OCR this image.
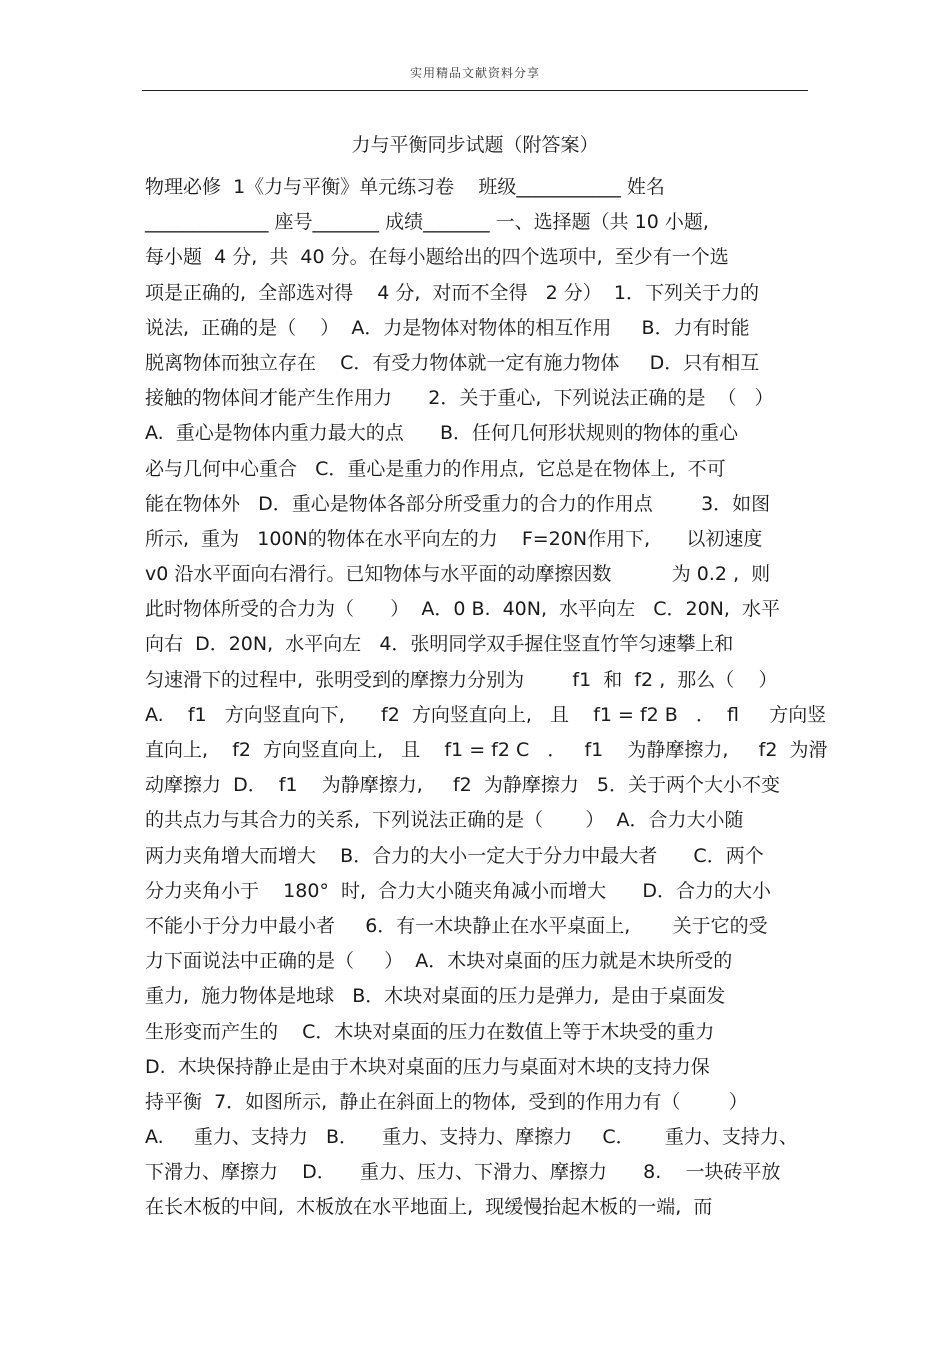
实用精品文献资料分享
力与平衡同步试题（附答案）
物理必修  1《力与平衡》单元练习卷    班级___________ 姓名
_____________ 座号_______ 成绩_______ 一、选择题（共 10 小题,
每小题  4 分,  共  40 分。在每小题给出的四个选项中,  至少有一个选
项是正确的,  全部选对得    4 分,  对而不全得   2 分）  1．下列关于力的
说法,  正确的是（    ）  A．力是物体对物体的相互作用     B．力有时能
脱离物体而独立存在    C．有受力物体就一定有施力物体     D．只有相互
接触的物体间才能产生作用力      2．关于重心,  下列说法正确的是  （   ）
A.  重心是物体内重力最大的点      B．任何几何形状规则的物体的重心
必与几何中心重合   C．重心是重力的作用点,  它总是在物体上,  不可
能在物体外   D．重心是物体各部分所受重力的合力的作用点        3．如图
所示,  重为   100N的物体在水平向左的力    F=20N作用下,      以初速度
v0 沿水平面向右滑行。已知物体与水平面的动摩擦因数          为 0.2 ,  则
此时物体所受的合力为（      ）  A．0 B.  40N,  水平向左   C．20N,  水平
向右  D．20N,  水平向左   4．张明同学双手握住竖直竹竿匀速攀上和
匀速滑下的过程中,  张明受到的摩擦力分别为        f1  和  f2 ,  那么（    ）
A.    f1   方向竖直向下,      f2  方向竖直向上,   且    f1 = f2 B   ．  fl     方向竖
直向上,    f2  方向竖直向上,   且    f1 = f2 C   ．   f1    为静摩擦力,     f2  为滑
动摩擦力  D．  f1    为静摩擦力,     f2  为静摩擦力   5．关于两个大小不变
的共点力与其合力的关系,  下列说法正确的是（       ）  A．合力大小随
两力夹角增大而增大    B．合力的大小一定大于分力中最大者      C．两个
分力夹角小于    180°  时,  合力大小随夹角减小而增大      D．合力的大小
不能小于分力中最小者     6．有一木块静止在水平桌面上,       关于它的受
力下面说法中正确的是（     ）  A．木块对桌面的压力就是木块所受的
重力,  施力物体是地球   B．木块对桌面的压力是弹力,  是由于桌面发
生形变而产生的    C．木块对桌面的压力在数值上等于木块受的重力
D.  木块保持静止是由于木块对桌面的压力与桌面对木块的支持力保
持平衡  7．如图所示,  静止在斜面上的物体,  受到的作用力有（        ）
A.     重力、支持力   B．    重力、支持力、摩擦力     C．     重力、支持力、
下滑力、摩擦力    D．    重力、压力、下滑力、摩擦力      8.    一块砖平放
在长木板的中间,  木板放在水平地面上,  现缓慢抬起木板的一端,  而
